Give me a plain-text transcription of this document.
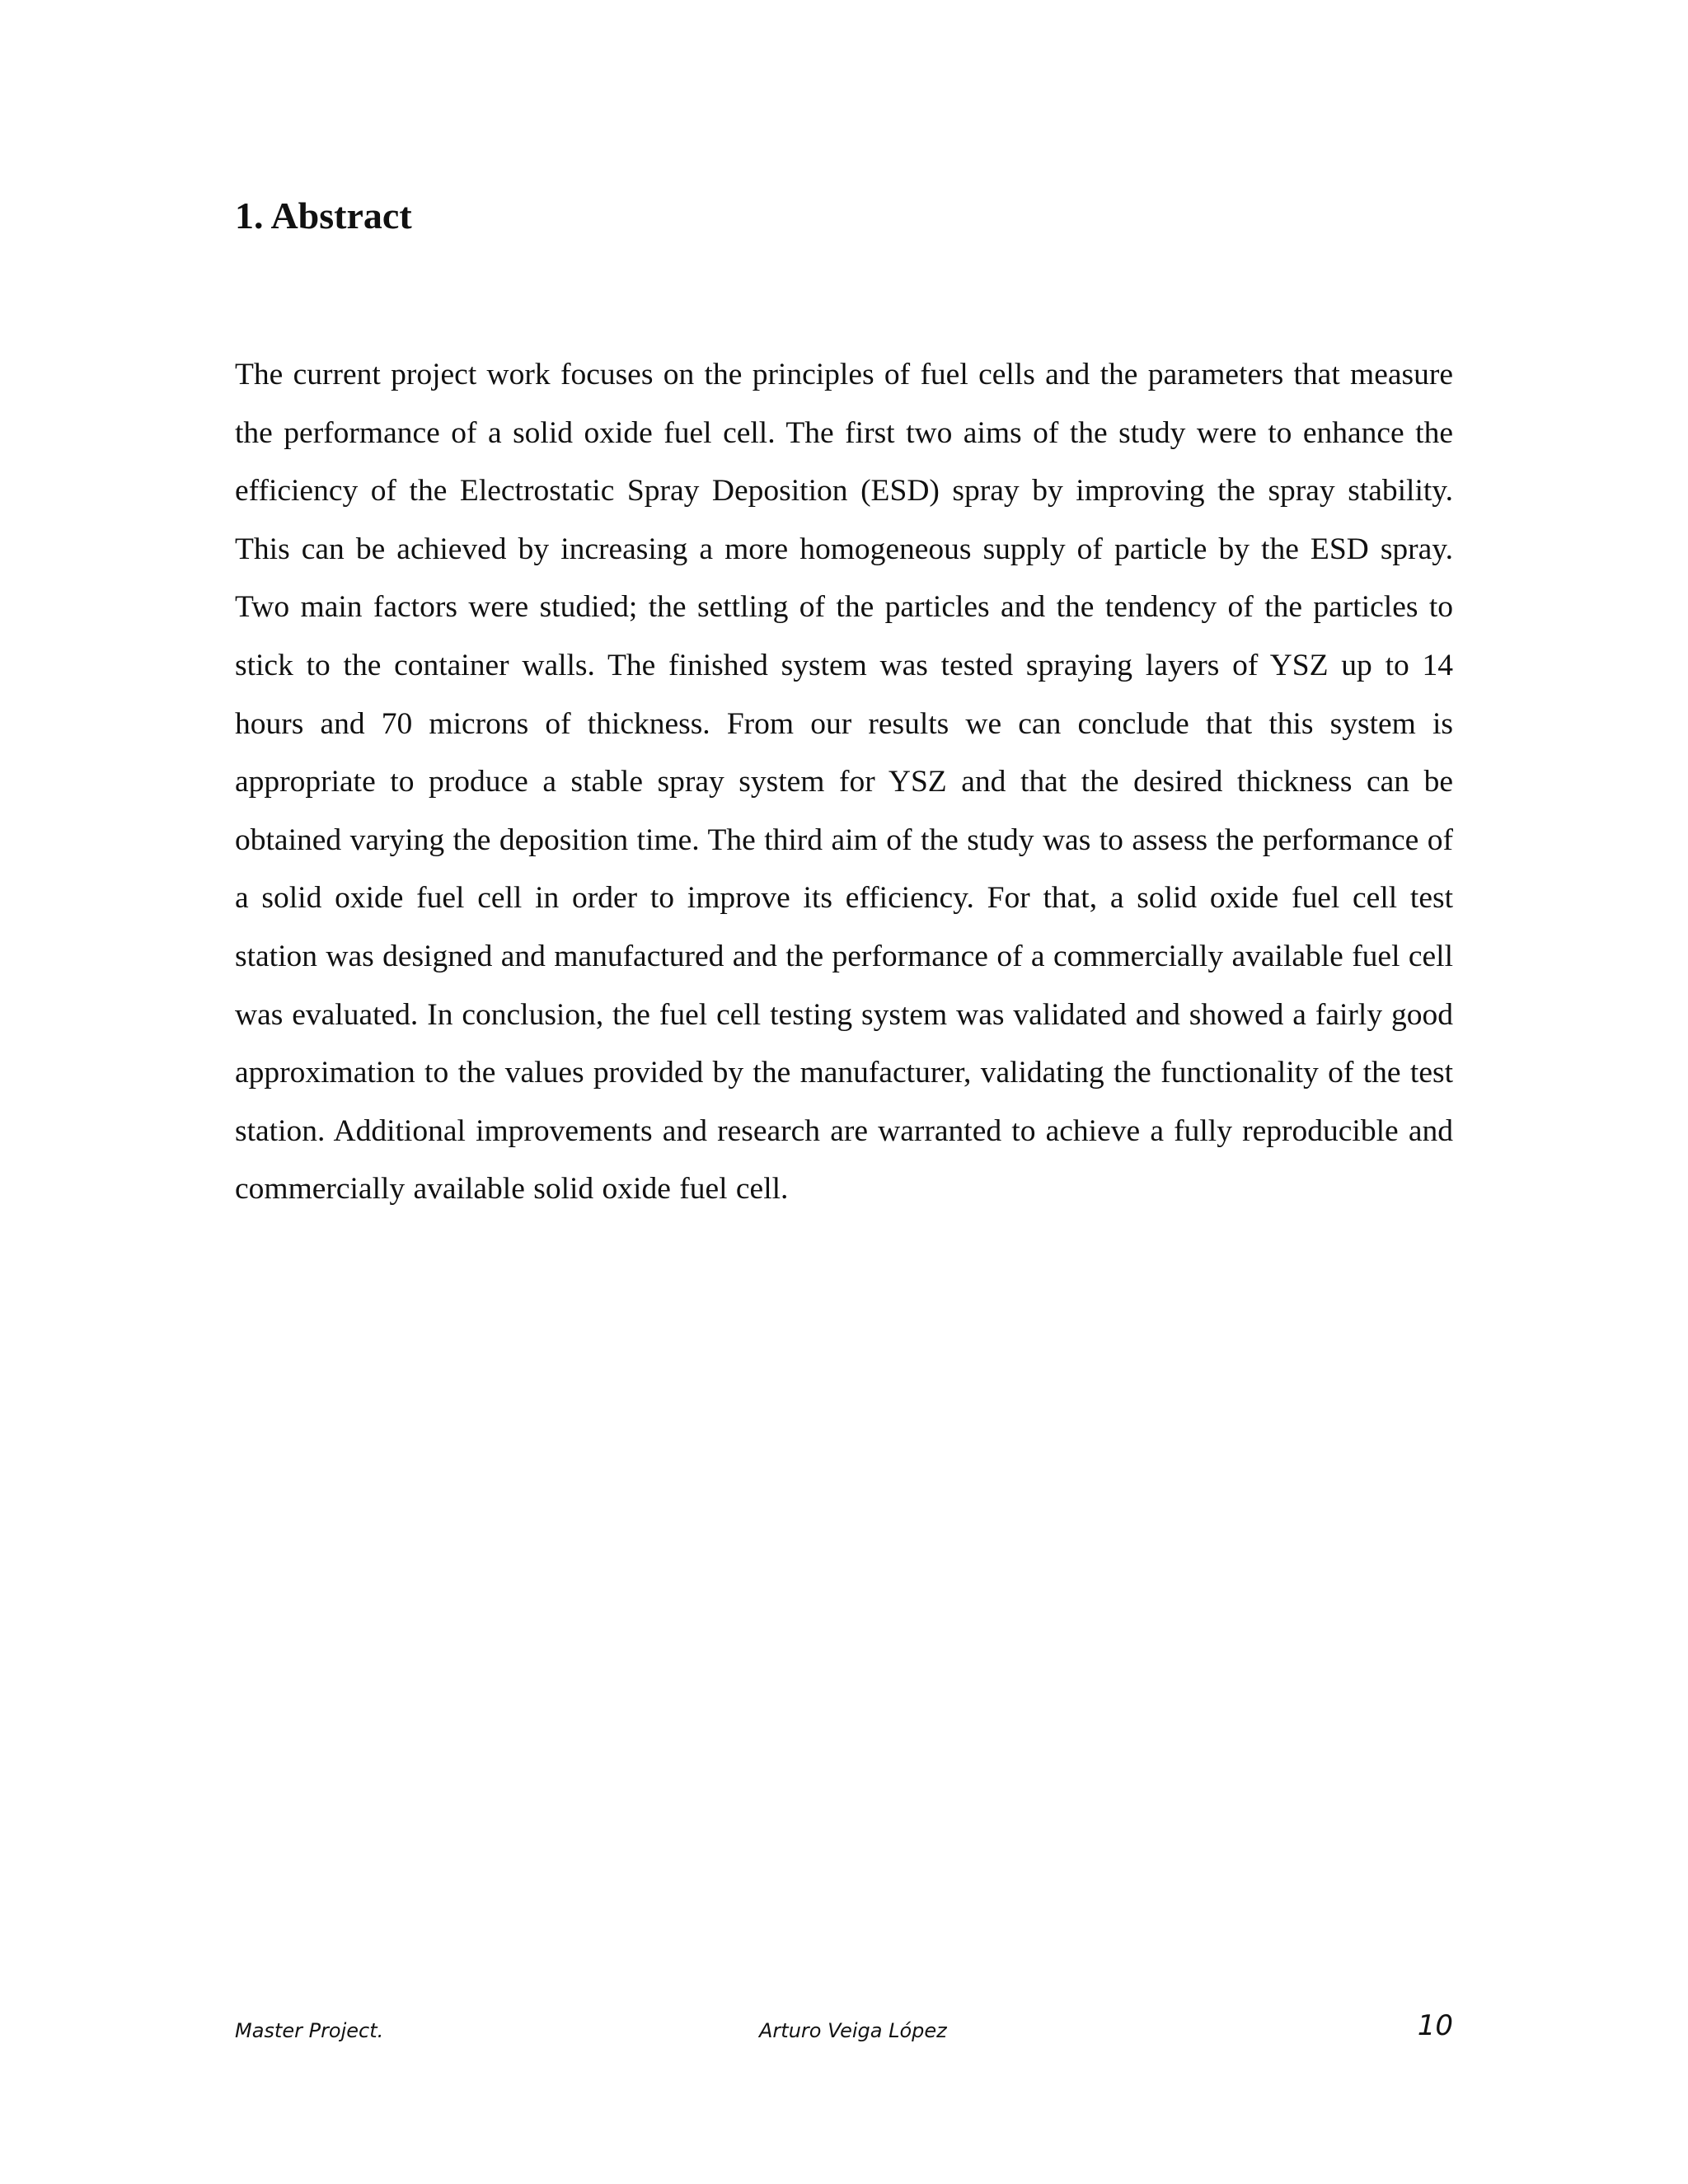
1. Abstract

The current project work focuses on the principles of fuel cells and the parameters that measure the performance of a solid oxide fuel cell. The first two aims of the study were to enhance the efficiency of the Electrostatic Spray Deposition (ESD) spray by improving the spray stability. This can be achieved by increasing a more homogeneous supply of particle by the ESD spray. Two main factors were studied; the settling of the particles and the tendency of the particles to stick to the container walls. The finished system was tested spraying layers of YSZ up to 14 hours and 70 microns of thickness. From our results we can conclude that this system is appropriate to produce a stable spray system for YSZ and that the desired thickness can be obtained varying the deposition time. The third aim of the study was to assess the performance of a solid oxide fuel cell in order to improve its efficiency. For that, a solid oxide fuel cell test station was designed and manufactured and the performance of a commercially available fuel cell was evaluated. In conclusion, the fuel cell testing system was validated and showed a fairly good approximation to the values provided by the manufacturer, validating the functionality of the test station. Additional improvements and research are warranted to achieve a fully reproducible and commercially available solid oxide fuel cell.

Master Project.	Arturo Veiga López	10
